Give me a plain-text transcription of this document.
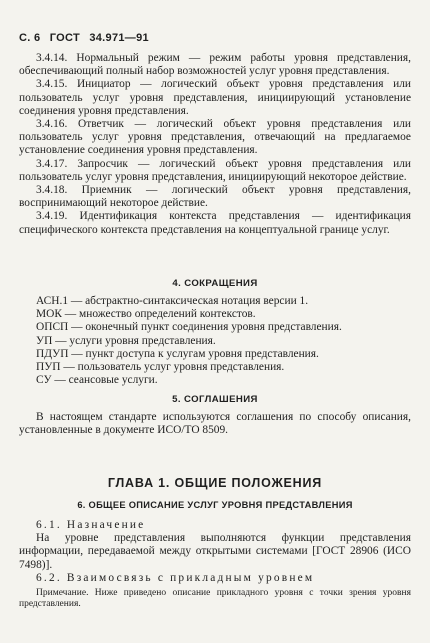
С. 6 ГОСТ 34.971—91

3.4.14. Нормальный режим — режим работы уровня представления, обеспечивающий полный набор возможностей услуг уровня представления.

3.4.15. Инициатор — логический объект уровня представления или пользователь услуг уровня представления, инициирующий установление соединения уровня представления.

3.4.16. Ответчик — логический объект уровня представления или пользователь услуг уровня представления, отвечающий на предлагаемое установление соединения уровня представления.

3.4.17. Запросчик — логический объект уровня представления или пользователь услуг уровня представления, инициирующий некоторое действие.

3.4.18. Приемник — логический объект уровня представления, воспринимающий некоторое действие.

3.4.19. Идентификация контекста представления — идентификация специфического контекста представления на концептуальной границе услуг.

4. СОКРАЩЕНИЯ

АСН.1 — абстрактно-синтаксическая нотация версии 1.

МОК — множество определений контекстов.

ОПСП — оконечный пункт соединения уровня представления.

УП — услуги уровня представления.

ПДУП — пункт доступа к услугам уровня представления.

ПУП — пользователь услуг уровня представления.

СУ — сеансовые услуги.

5. СОГЛАШЕНИЯ

В настоящем стандарте используются соглашения по способу описания, установленные в документе ИСО/ТО 8509.

ГЛАВА 1. ОБЩИЕ ПОЛОЖЕНИЯ
6. ОБЩЕЕ ОПИСАНИЕ УСЛУГ УРОВНЯ ПРЕДСТАВЛЕНИЯ

6.1. Назначение

На уровне представления выполняются функции представления информации, передаваемой между открытыми системами [ГОСТ 28906 (ИСО 7498)].

6.2. Взаимосвязь с прикладным уровнем

Примечание. Ниже приведено описание прикладного уровня с точки зрения уровня представления.
